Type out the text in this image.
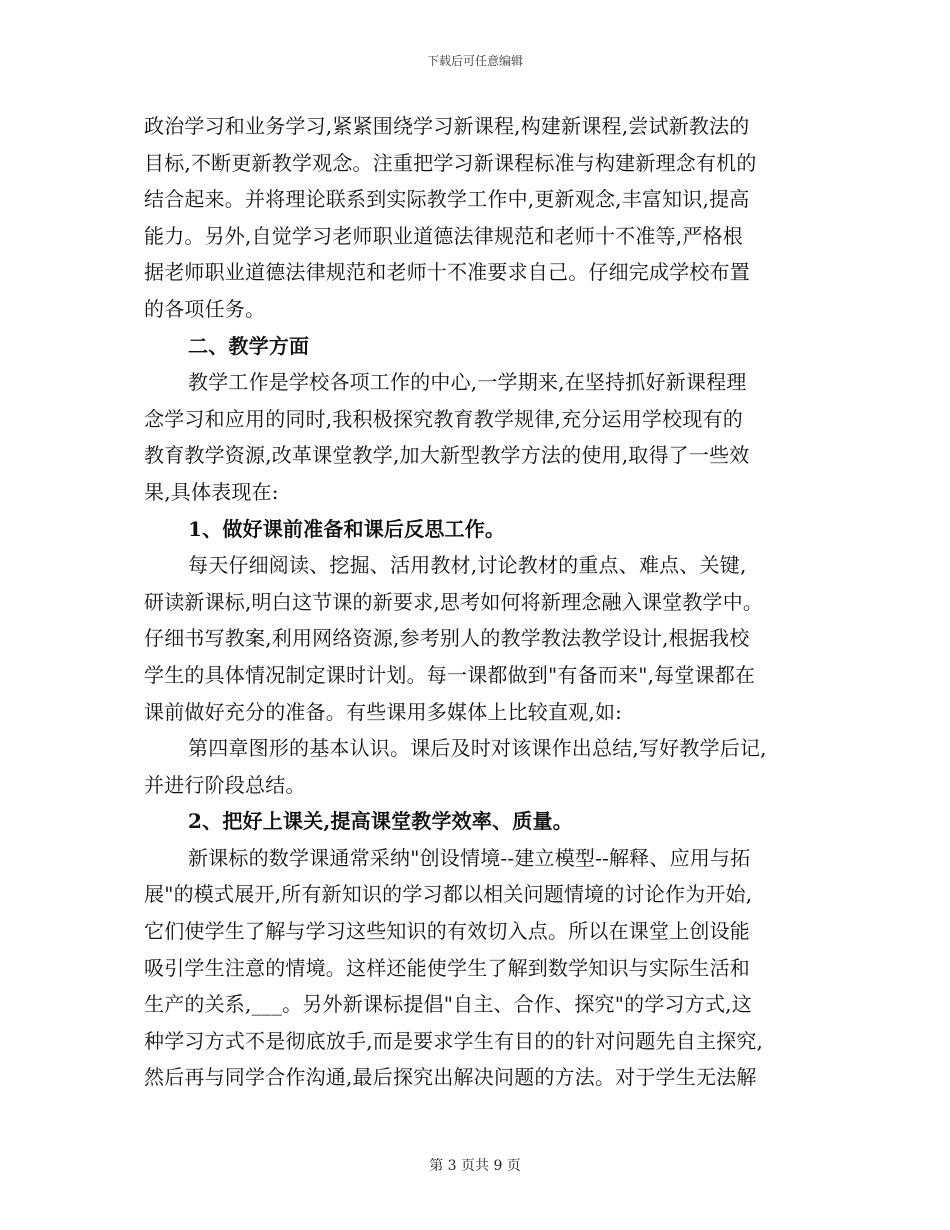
下载后可任意编辑
政治学习和业务学习,紧紧围绕学习新课程,构建新课程,尝试新教法的
目标,不断更新教学观念。注重把学习新课程标准与构建新理念有机的
结合起来。并将理论联系到实际教学工作中,更新观念,丰富知识,提高
能力。另外,自觉学习老师职业道德法律规范和老师十不准等,严格根
据老师职业道德法律规范和老师十不准要求自己。仔细完成学校布置
的各项任务。
二、教学方面
教学工作是学校各项工作的中心,一学期来,在坚持抓好新课程理
念学习和应用的同时,我积极探究教育教学规律,充分运用学校现有的
教育教学资源,改革课堂教学,加大新型教学方法的使用,取得了一些效
果,具体表现在:
1、做好课前准备和课后反思工作。
每天仔细阅读、挖掘、活用教材,讨论教材的重点、难点、关键,
研读新课标,明白这节课的新要求,思考如何将新理念融入课堂教学中。
仔细书写教案,利用网络资源,参考别人的教学教法教学设计,根据我校
学生的具体情况制定课时计划。每一课都做到"有备而来",每堂课都在
课前做好充分的准备。有些课用多媒体上比较直观,如:
第四章图形的基本认识。课后及时对该课作出总结,写好教学后记,
并进行阶段总结。
2、把好上课关,提高课堂教学效率、质量。
新课标的数学课通常采纳"创设情境--建立模型--解释、应用与拓
展"的模式展开,所有新知识的学习都以相关问题情境的讨论作为开始,
它们使学生了解与学习这些知识的有效切入点。所以在课堂上创设能
吸引学生注意的情境。这样还能使学生了解到数学知识与实际生活和
生产的关系,___。另外新课标提倡"自主、合作、探究"的学习方式,这
种学习方式不是彻底放手,而是要求学生有目的的针对问题先自主探究,
然后再与同学合作沟通,最后探究出解决问题的方法。对于学生无法解
第 3 页共 9 页
